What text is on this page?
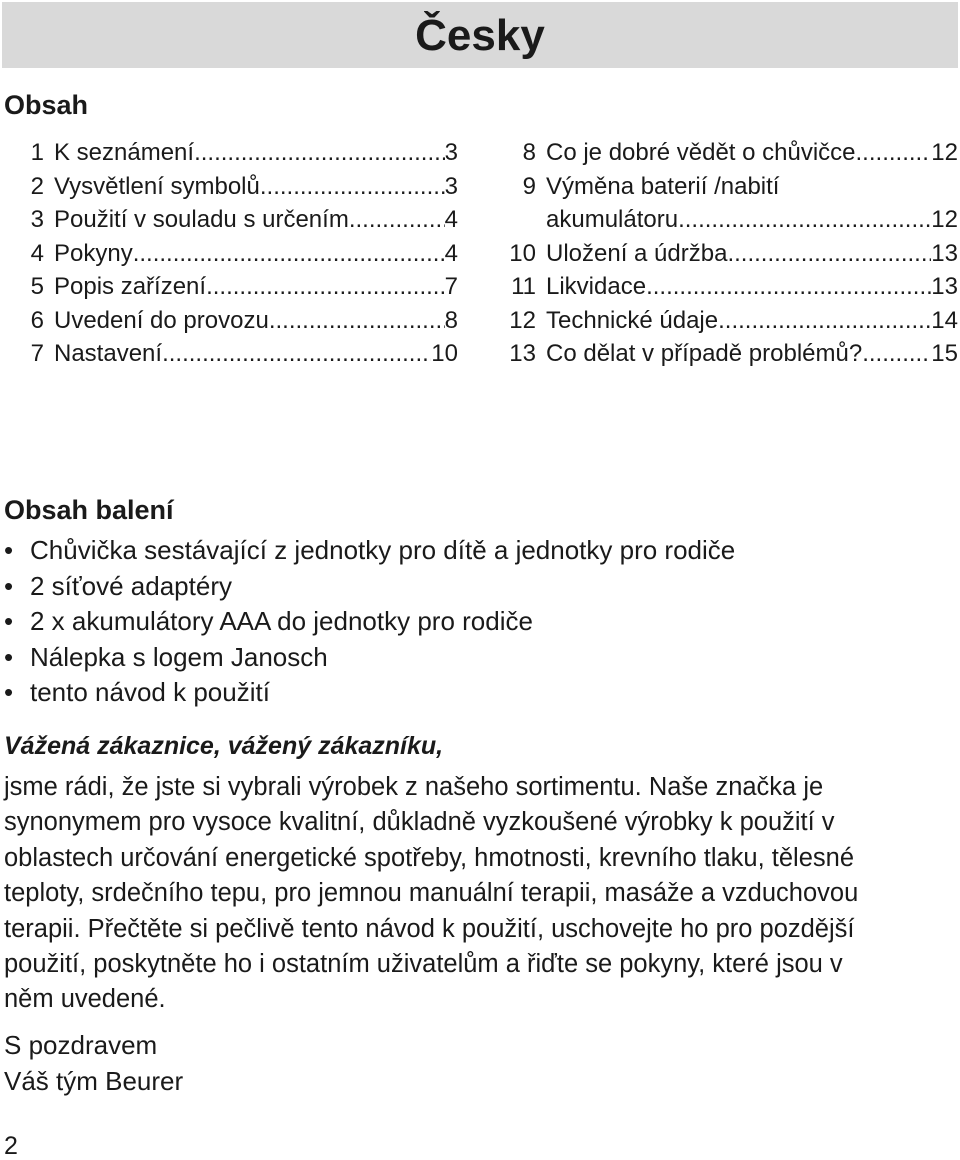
Česky
Obsah
1 K seznámení .....	3
2 Vysvětlení symbolů .....	3
3 Použití v souladu s určením .....	4
4 Pokyny .....	4
5 Popis zařízení .....	7
6 Uvedení do provozu .....	8
7 Nastavení .....	10
8 Co je dobré vědět o chůvičce .....	12
9 Výměna baterií /nabití
akumulátoru .....	12
10 Uložení a údržba .....	13
11 Likvidace .....	13
12 Technické údaje .....	14
13 Co dělat v případě problémů? .....	15
Obsah balení
• Chůvička sestávající z jednotky pro dítě a jednotky pro rodiče
• 2 síťové adaptéry
• 2 x akumulátory AAA do jednotky pro rodiče
• Nálepka s logem Janosch
• tento návod k použití

Vážená zákaznice, vážený zákazníku,

jsme rádi, že jste si vybrali výrobek z našeho sortimentu. Naše značka je
synonymem pro vysoce kvalitní, důkladně vyzkoušené výrobky k použití v
oblastech určování energetické spotřeby, hmotnosti, krevního tlaku, tělesné
teploty, srdečního tepu, pro jemnou manuální terapii, masáže a vzduchovou
terapii. Přečtěte si pečlivě tento návod k použití, uschovejte ho pro pozdější
použití, poskytněte ho i ostatním uživatelům a řiďte se pokyny, které jsou v
něm uvedené.

S pozdravem
Váš tým Beurer
2
